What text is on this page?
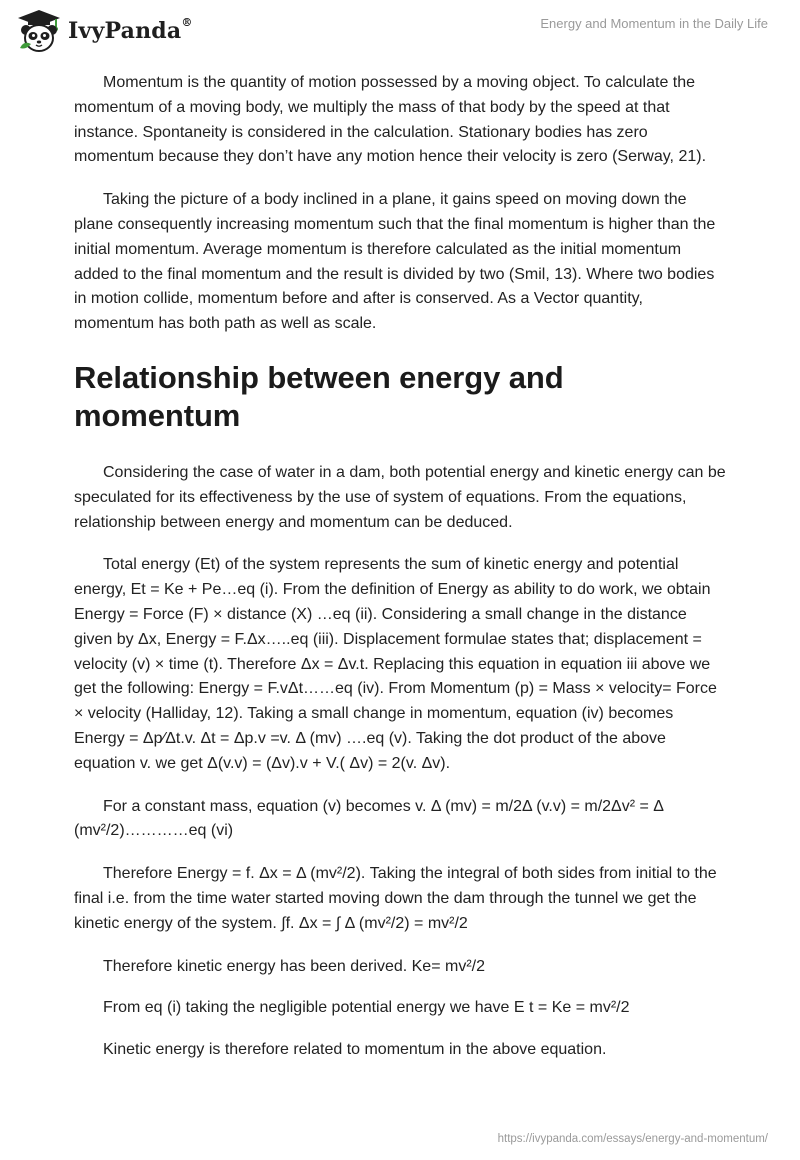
IvyPanda®	Energy and Momentum in the Daily Life

Momentum is the quantity of motion possessed by a moving object. To calculate the momentum of a moving body, we multiply the mass of that body by the speed at that instance. Spontaneity is considered in the calculation. Stationary bodies has zero momentum because they don’t have any motion hence their velocity is zero (Serway, 21).

Taking the picture of a body inclined in a plane, it gains speed on moving down the plane consequently increasing momentum such that the final momentum is higher than the initial momentum. Average momentum is therefore calculated as the initial momentum added to the final momentum and the result is divided by two (Smil, 13). Where two bodies in motion collide, momentum before and after is conserved. As a Vector quantity, momentum has both path as well as scale.

Relationship between energy and momentum

Considering the case of water in a dam, both potential energy and kinetic energy can be speculated for its effectiveness by the use of system of equations. From the equations, relationship between energy and momentum can be deduced.

Total energy (Et) of the system represents the sum of kinetic energy and potential energy, Et = Ke + Pe…eq (i). From the definition of Energy as ability to do work, we obtain Energy = Force (F) × distance (X) …eq (ii). Considering a small change in the distance given by Δx, Energy = F.Δx…..eq (iii). Displacement formulae states that; displacement = velocity (v) × time (t). Therefore Δx = Δv.t. Replacing this equation in equation iii above we get the following: Energy = F.vΔt……eq (iv). From Momentum (p) = Mass × velocity= Force × velocity (Halliday, 12). Taking a small change in momentum, equation (iv) becomes Energy = Δp⁄Δt.v. Δt = Δp.v =v. Δ (mv) ….eq (v). Taking the dot product of the above equation v. we get Δ(v.v) = (Δv).v + V.( Δv) = 2(v. Δv).

For a constant mass, equation (v) becomes v. Δ (mv) = m/2Δ (v.v) = m/2Δv² = Δ (mv²/2)…………eq (vi)

Therefore Energy = f. Δx = Δ (mv²/2). Taking the integral of both sides from initial to the final i.e. from the time water started moving down the dam through the tunnel we get the kinetic energy of the system. ∫f. Δx = ∫ Δ (mv²/2) = mv²/2

Therefore kinetic energy has been derived. Ke= mv²/2

From eq (i) taking the negligible potential energy we have E t = Ke = mv²/2

Kinetic energy is therefore related to momentum in the above equation.

https://ivypanda.com/essays/energy-and-momentum/
